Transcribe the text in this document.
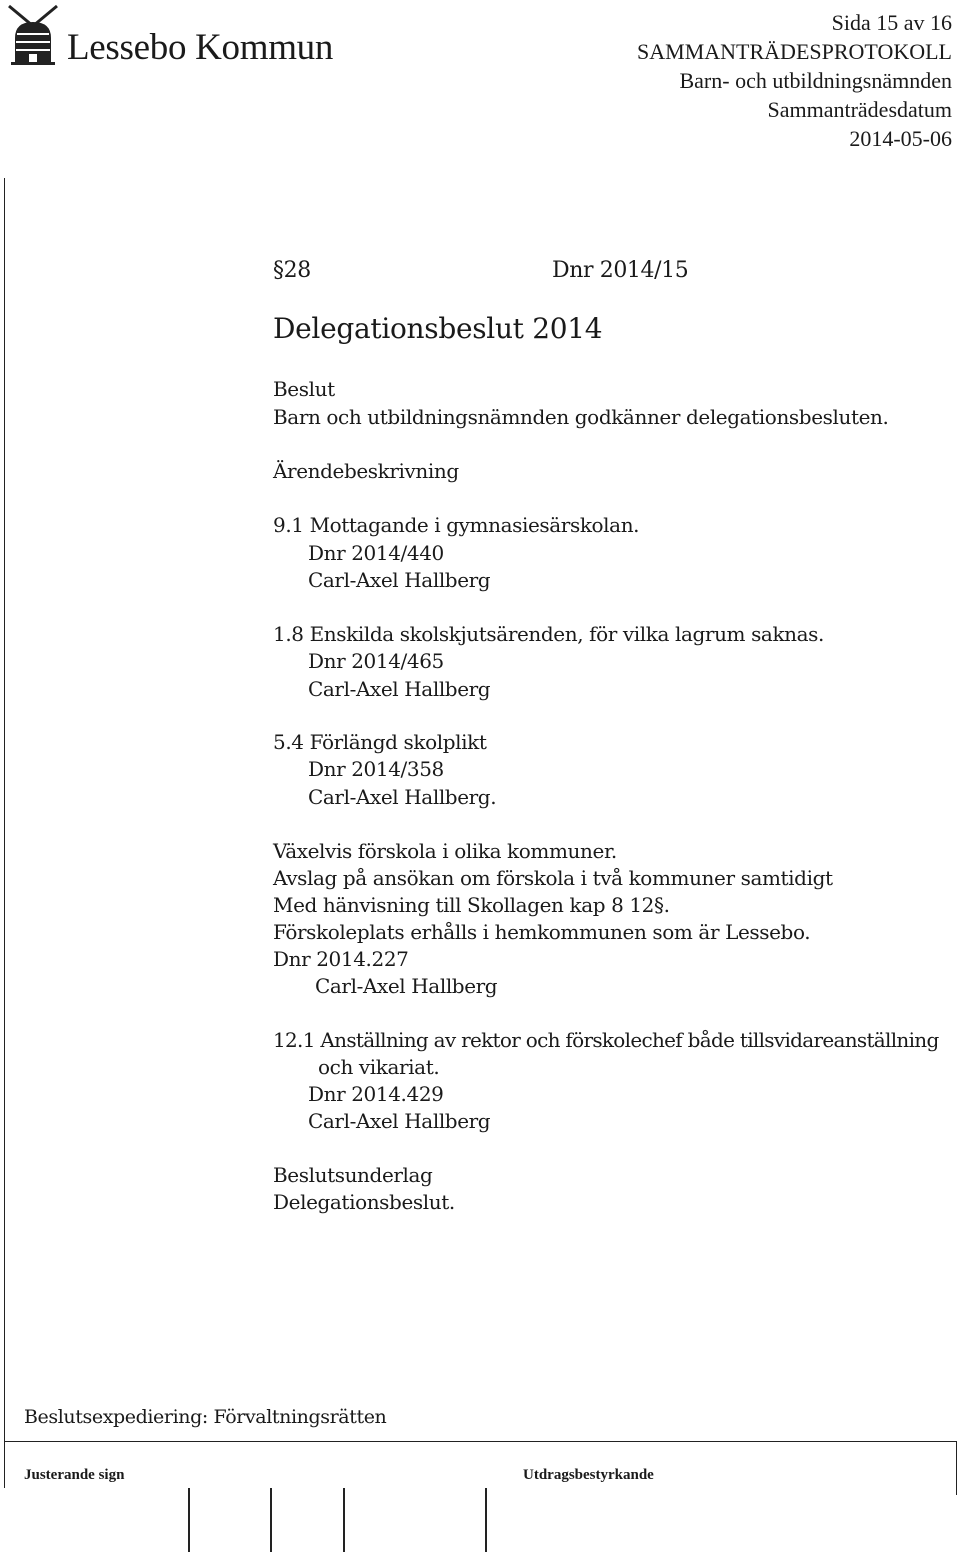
Lessebo Kommun
Sida 15 av 16
SAMMANTRÄDESPROTOKOLL
Barn- och utbildningsnämnden
Sammanträdesdatum
2014-05-06
§28	Dnr 2014/15
Delegationsbeslut 2014
Beslut
Barn och utbildningsnämnden godkänner delegationsbesluten.
Ärendebeskrivning
9.1 Mottagande i gymnasiesärskolan.
Dnr 2014/440
Carl-Axel Hallberg
1.8 Enskilda skolskjutsärenden, för vilka lagrum saknas.
Dnr 2014/465
Carl-Axel Hallberg
5.4 Förlängd skolplikt
Dnr 2014/358
Carl-Axel Hallberg.
Växelvis förskola i olika kommuner.
Avslag på ansökan om förskola i två kommuner samtidigt
Med hänvisning till Skollagen kap 8 12§.
Förskoleplats erhålls i hemkommunen som är Lessebo.
Dnr 2014.227
Carl-Axel Hallberg
12.1 Anställning av rektor och förskolechef både tillsvidareanställning
och vikariat.
Dnr 2014.429
Carl-Axel Hallberg
Beslutsunderlag
Delegationsbeslut.
Beslutsexpediering: Förvaltningsrätten
Justerande sign	Utdragsbestyrkande
